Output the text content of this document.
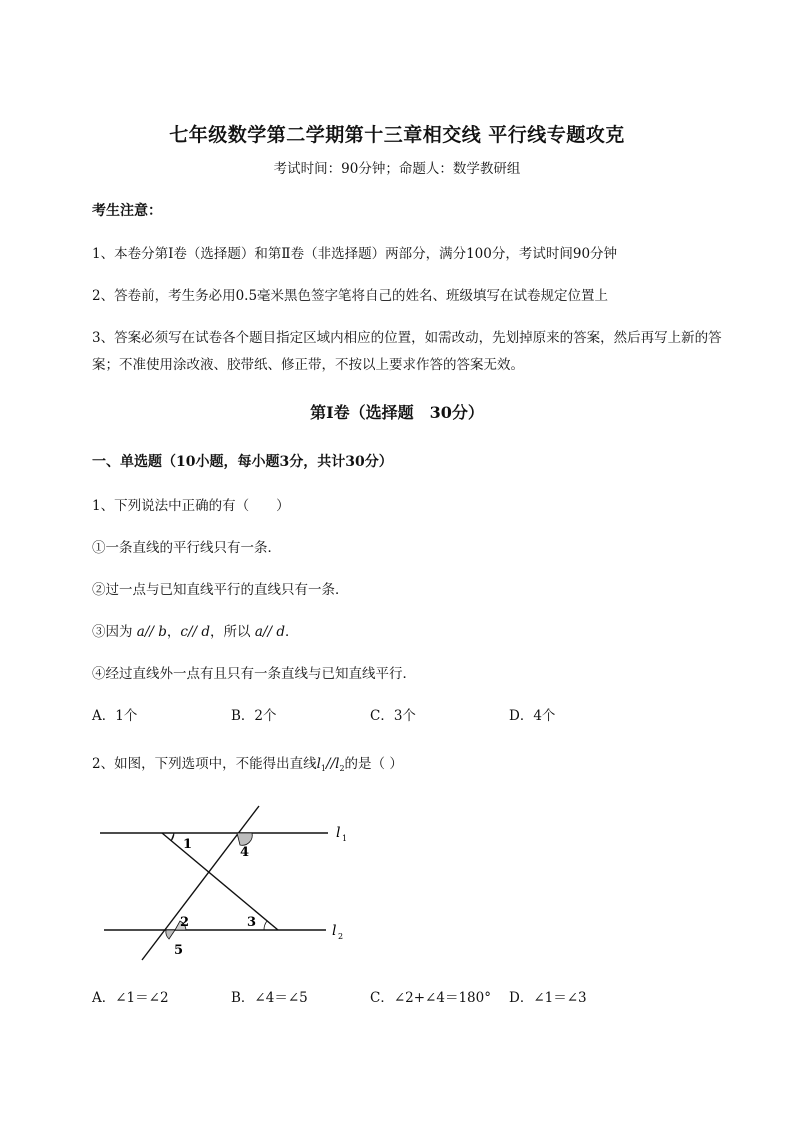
七年级数学第二学期第十三章相交线 平行线专题攻克
考试时间：90分钟；命题人：数学教研组
考生注意：
1、本卷分第Ⅰ卷（选择题）和第Ⅱ卷（非选择题）两部分，满分100分，考试时间90分钟
2、答卷前，考生务必用0.5毫米黑色签字笔将自己的姓名、班级填写在试卷规定位置上
3、答案必须写在试卷各个题目指定区域内相应的位置，如需改动，先划掉原来的答案，然后再写上新的答案；不准使用涂改液、胶带纸、修正带，不按以上要求作答的答案无效。
第Ⅰ卷（选择题　30分）
一、单选题（10小题，每小题3分，共计30分）
1、下列说法中正确的有（　　）
①一条直线的平行线只有一条．
②过一点与已知直线平行的直线只有一条．
③因为 a// b，c// d，所以 a// d．
④经过直线外一点有且只有一条直线与已知直线平行．
A．1个	B．2个	C．3个	D．4个
2、如图，下列选项中，不能得出直线$l_1//l_2$的是（ ）
1
2	3
4
5
l 1
l 2
A．∠1＝∠2	B．∠4＝∠5	C．∠2+∠4＝180° D．∠1＝∠3
